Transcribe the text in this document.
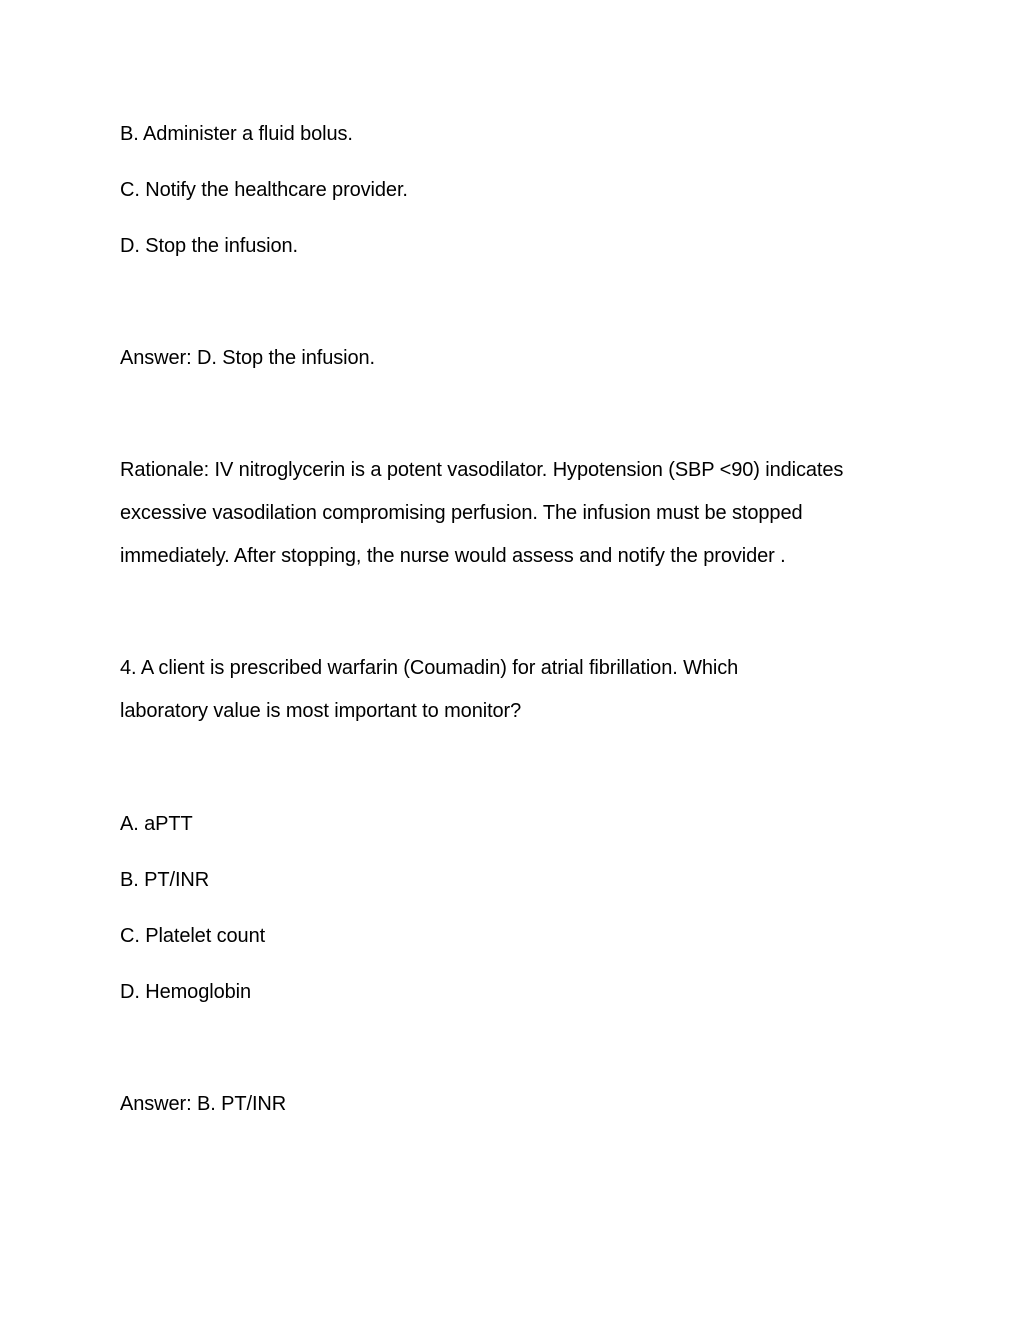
B. Administer a fluid bolus.
C. Notify the healthcare provider.
D. Stop the infusion.
Answer: D. Stop the infusion.
Rationale: IV nitroglycerin is a potent vasodilator. Hypotension (SBP <90) indicates
excessive vasodilation compromising perfusion. The infusion must be stopped
immediately. After stopping, the nurse would assess and notify the provider .
4. A client is prescribed warfarin (Coumadin) for atrial fibrillation. Which
laboratory value is most important to monitor?
A. aPTT
B. PT/INR
C. Platelet count
D. Hemoglobin
Answer: B. PT/INR
